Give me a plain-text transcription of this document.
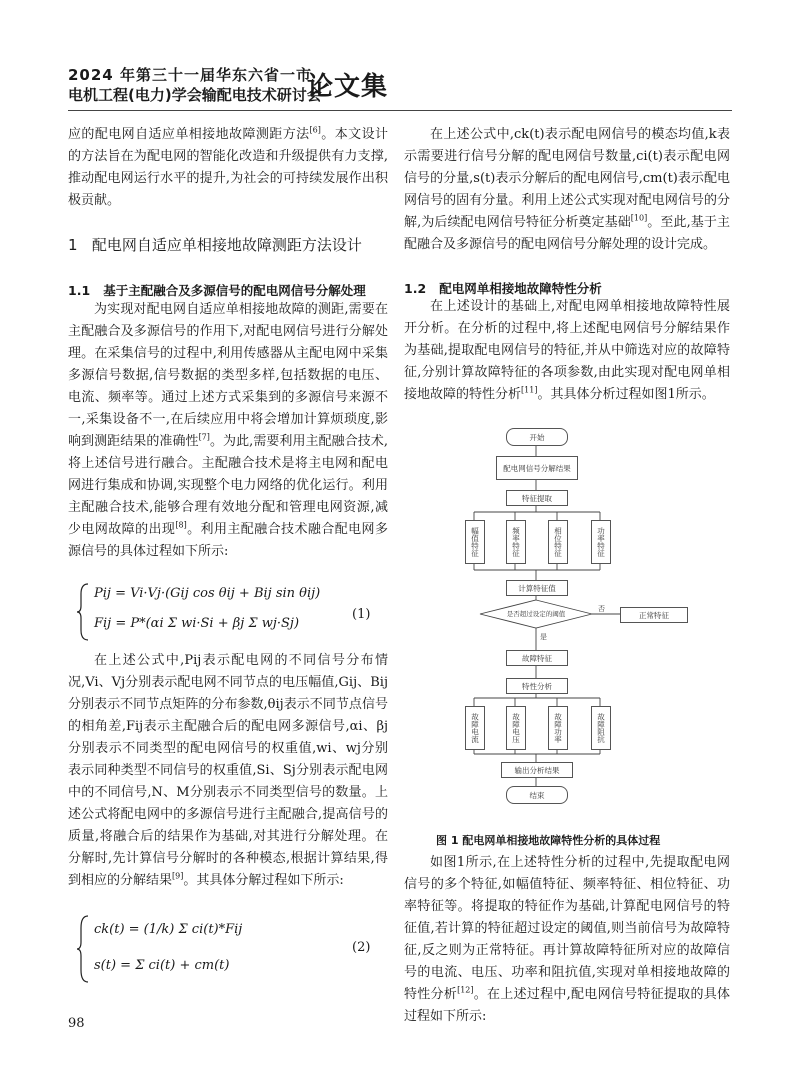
2024 年第三十一届华东六省一市
电机工程(电力)学会输配电技术研讨会
论文集

应的配电网自适应单相接地故障测距方法[6]。本文设计的方法旨在为配电网的智能化改造和升级提供有力支撑,推动配电网运行水平的提升,为社会的可持续发展作出积极贡献。

1 配电网自适应单相接地故障测距方法设计
1.1 基于主配融合及多源信号的配电网信号分解处理

为实现对配电网自适应单相接地故障的测距,需要在主配融合及多源信号的作用下,对配电网信号进行分解处理。在采集信号的过程中,利用传感器从主配电网中采集多源信号数据,信号数据的类型多样,包括数据的电压、电流、频率等。通过上述方式采集到的多源信号来源不一,采集设备不一,在后续应用中将会增加计算烦琐度,影响到测距结果的准确性[7]。为此,需要利用主配融合技术,将上述信号进行融合。主配融合技术是将主电网和配电网进行集成和协调,实现整个电力网络的优化运行。利用主配融合技术,能够合理有效地分配和管理电网资源,减少电网故障的出现[8]。利用主配融合技术融合配电网多源信号的具体过程如下所示:

Pij = Vi·Vj·(Gij cos θij + Bij sin θij)
Fij = P*(αi Σ wi·Si + βj Σ wj·Sj)
(1)

在上述公式中,Pij表示配电网的不同信号分布情况,Vi、Vj分别表示配电网不同节点的电压幅值,Gij、Bij分别表示不同节点矩阵的分布参数,θij表示不同节点信号的相角差,Fij表示主配融合后的配电网多源信号,αi、βj分别表示不同类型的配电网信号的权重值,wi、wj分别表示同种类型不同信号的权重值,Si、Sj分别表示配电网中的不同信号,N、M分别表示不同类型信号的数量。上述公式将配电网中的多源信号进行主配融合,提高信号的质量,将融合后的结果作为基础,对其进行分解处理。在分解时,先计算信号分解时的各种模态,根据计算结果,得到相应的分解结果[9]。其具体分解过程如下所示:

ck(t) = (1/k) Σ ci(t)*Fij
s(t) = Σ ci(t) + cm(t)
(2)

在上述公式中,ck(t)表示配电网信号的模态均值,k表示需要进行信号分解的配电网信号数量,ci(t)表示配电网信号的分量,s(t)表示分解后的配电网信号,cm(t)表示配电网信号的固有分量。利用上述公式实现对配电网信号的分解,为后续配电网信号特征分析奠定基础[10]。至此,基于主配融合及多源信号的配电网信号分解处理的设计完成。

1.2 配电网单相接地故障特性分析

在上述设计的基础上,对配电网单相接地故障特性展开分析。在分析的过程中,将上述配电网信号分解结果作为基础,提取配电网信号的特征,并从中筛选对应的故障特征,分别计算故障特征的各项参数,由此实现对配电网单相接地故障的特性分析[11]。其具体分析过程如图1所示。

开始
配电网信号分解结果
特征提取
幅值特征	频率特征	相位特征	功率特征
计算特征值
是否超过设定的阈值
否
是
正常特征
故障特征
特性分析
故障电流	故障电压	故障功率	故障阻抗
输出分析结果
结束
图 1 配电网单相接地故障特性分析的具体过程

如图1所示,在上述特性分析的过程中,先提取配电网信号的多个特征,如幅值特征、频率特征、相位特征、功率特征等。将提取的特征作为基础,计算配电网信号的特征值,若计算的特征超过设定的阈值,则当前信号为故障特征,反之则为正常特征。再计算故障特征所对应的故障信号的电流、电压、功率和阻抗值,实现对单相接地故障的特性分析[12]。在上述过程中,配电网信号特征提取的具体过程如下所示:

98
